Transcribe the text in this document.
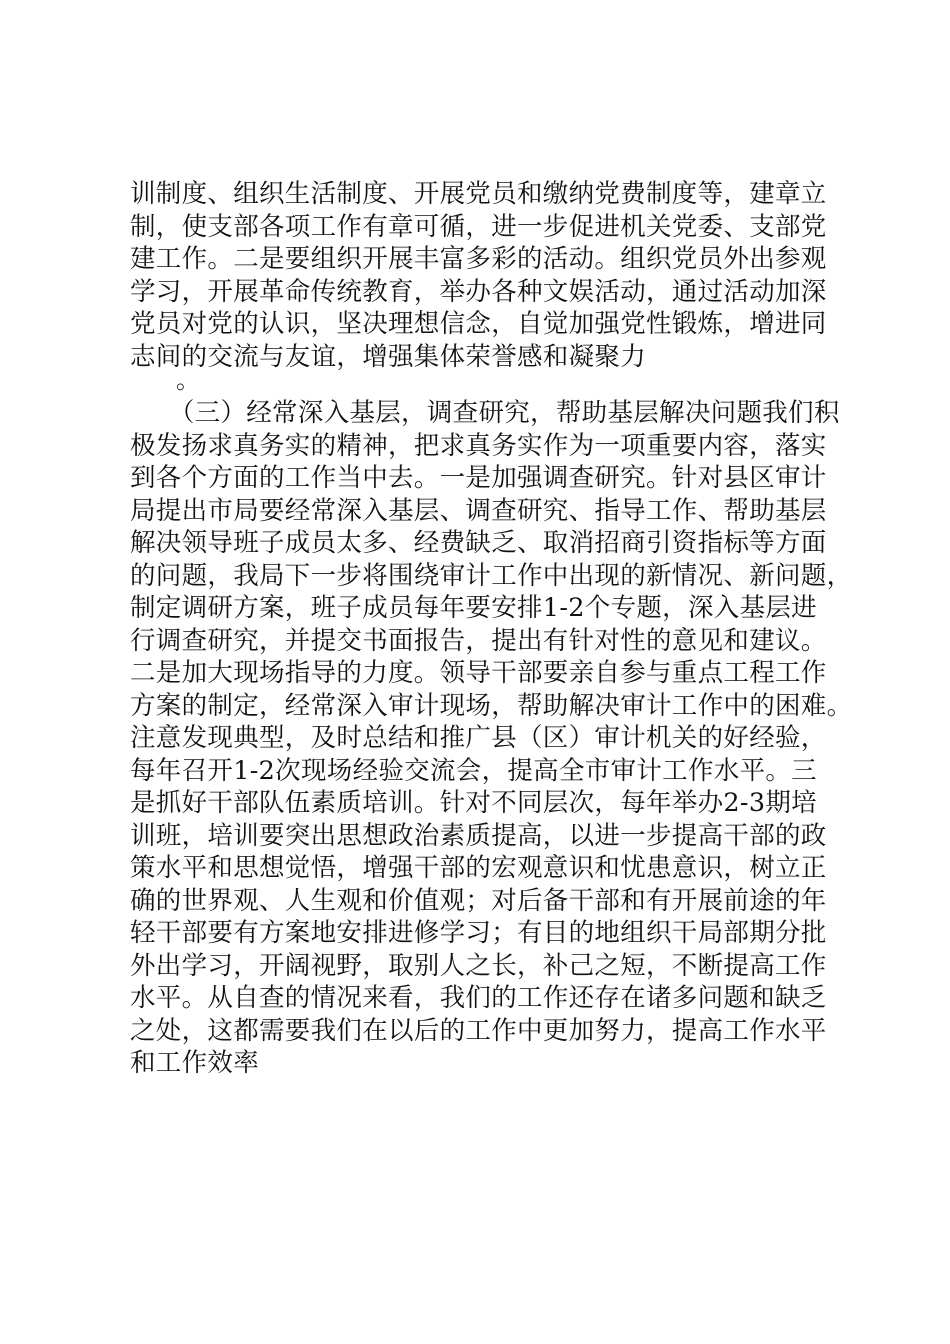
训制度、组织生活制度、开展党员和缴纳党费制度等，建章立
制，使支部各项工作有章可循，进一步促进机关党委、支部党
建工作。二是要组织开展丰富多彩的活动。组织党员外出参观
学习，开展革命传统教育，举办各种文娱活动，通过活动加深
党员对党的认识，坚决理想信念，自觉加强党性锻炼，增进同
志间的交流与友谊，增强集体荣誉感和凝聚力
。
　　（三）经常深入基层，调查研究，帮助基层解决问题我们积
极发扬求真务实的精神，把求真务实作为一项重要内容，落实
到各个方面的工作当中去。一是加强调查研究。针对县区审计
局提出市局要经常深入基层、调查研究、指导工作、帮助基层
解决领导班子成员太多、经费缺乏、取消招商引资指标等方面
的问题，我局下一步将围绕审计工作中出现的新情况、新问题，
制定调研方案，班子成员每年要安排1-2个专题，深入基层进
行调查研究，并提交书面报告，提出有针对性的意见和建议。
二是加大现场指导的力度。领导干部要亲自参与重点工程工作
方案的制定，经常深入审计现场，帮助解决审计工作中的困难。
注意发现典型，及时总结和推广县（区）审计机关的好经验，
每年召开1-2次现场经验交流会，提高全市审计工作水平。三
是抓好干部队伍素质培训。针对不同层次，每年举办2-3期培
训班，培训要突出思想政治素质提高，以进一步提高干部的政
策水平和思想觉悟，增强干部的宏观意识和忧患意识，树立正
确的世界观、人生观和价值观；对后备干部和有开展前途的年
轻干部要有方案地安排进修学习；有目的地组织干局部期分批
外出学习，开阔视野，取别人之长，补己之短，不断提高工作
水平。从自查的情况来看，我们的工作还存在诸多问题和缺乏
之处，这都需要我们在以后的工作中更加努力，提高工作水平
和工作效率
